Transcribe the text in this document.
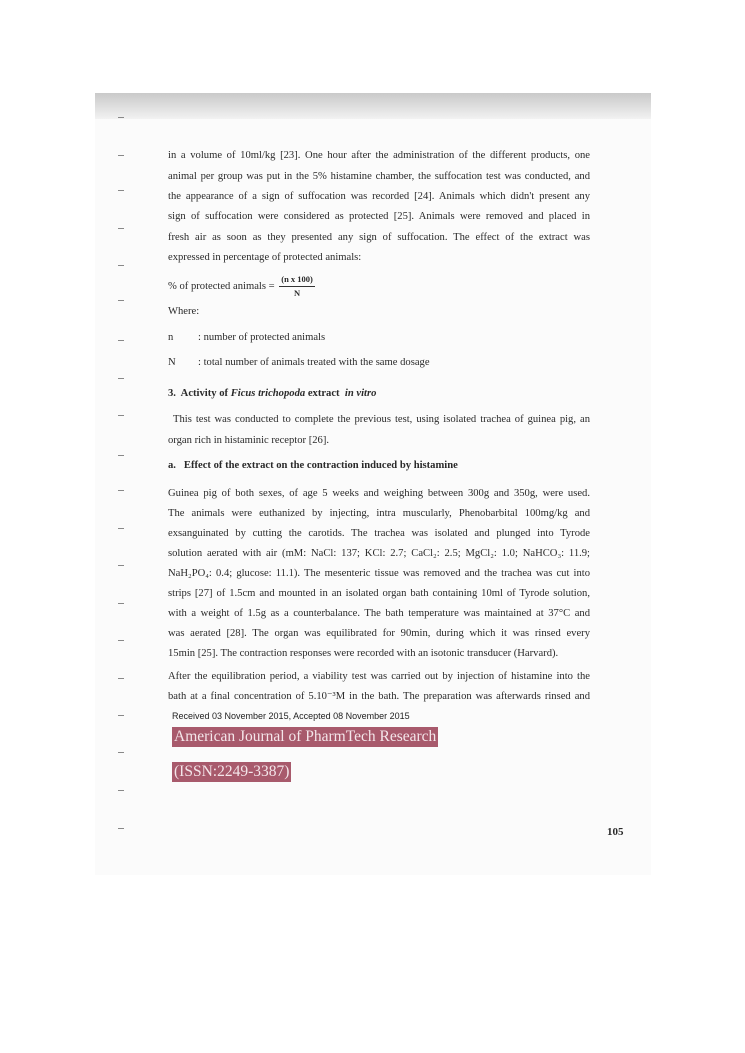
in a volume of 10ml/kg [23]. One hour after the administration of the different products, one
animal per group was put in the 5% histamine chamber, the suffocation test was conducted, and
the appearance of a sign of suffocation was recorded [24]. Animals which didn't present any
sign of suffocation were considered as protected [25]. Animals were removed and placed in
fresh air as soon as they presented any sign of suffocation. The effect of the extract was
expressed in percentage of protected animals:
% of protected animals = $\frac{\text{(n x 100)}}{N}$
Where:
n : number of protected animals
N : total number of animals treated with the same dosage
3. Activity of Ficus trichopoda extract in vitro
This test was conducted to complete the previous test, using isolated trachea of guinea pig, an
organ rich in histaminic receptor [26].
a. Effect of the extract on the contraction induced by histamine
Guinea pig of both sexes, of age 5 weeks and weighing between 300g and 350g, were used.
The animals were euthanized by injecting, intra muscularly, Phenobarbital 100mg/kg and
exsanguinated by cutting the carotids. The trachea was isolated and plunged into Tyrode
solution aerated with air (mM: NaCl: 137; KCl: 2.7; CaCl₂: 2.5; MgCl₂: 1.0; NaHCO₃: 11.9;
NaH₂PO₄: 0.4; glucose: 11.1). The mesenteric tissue was removed and the trachea was cut into
strips [27] of 1.5cm and mounted in an isolated organ bath containing 10ml of Tyrode solution,
with a weight of 1.5g as a counterbalance. The bath temperature was maintained at 37°C and
was aerated [28]. The organ was equilibrated for 90min, during which it was rinsed every
15min [25]. The contraction responses were recorded with an isotonic transducer (Harvard).
After the equilibration period, a viability test was carried out by injection of histamine into the
bath at a final concentration of 5.10⁻³M in the bath. The preparation was afterwards rinsed and
Received 03 November 2015, Accepted 08 November 2015
American Journal of PharmTech Research
(ISSN:2249-3387)
105
